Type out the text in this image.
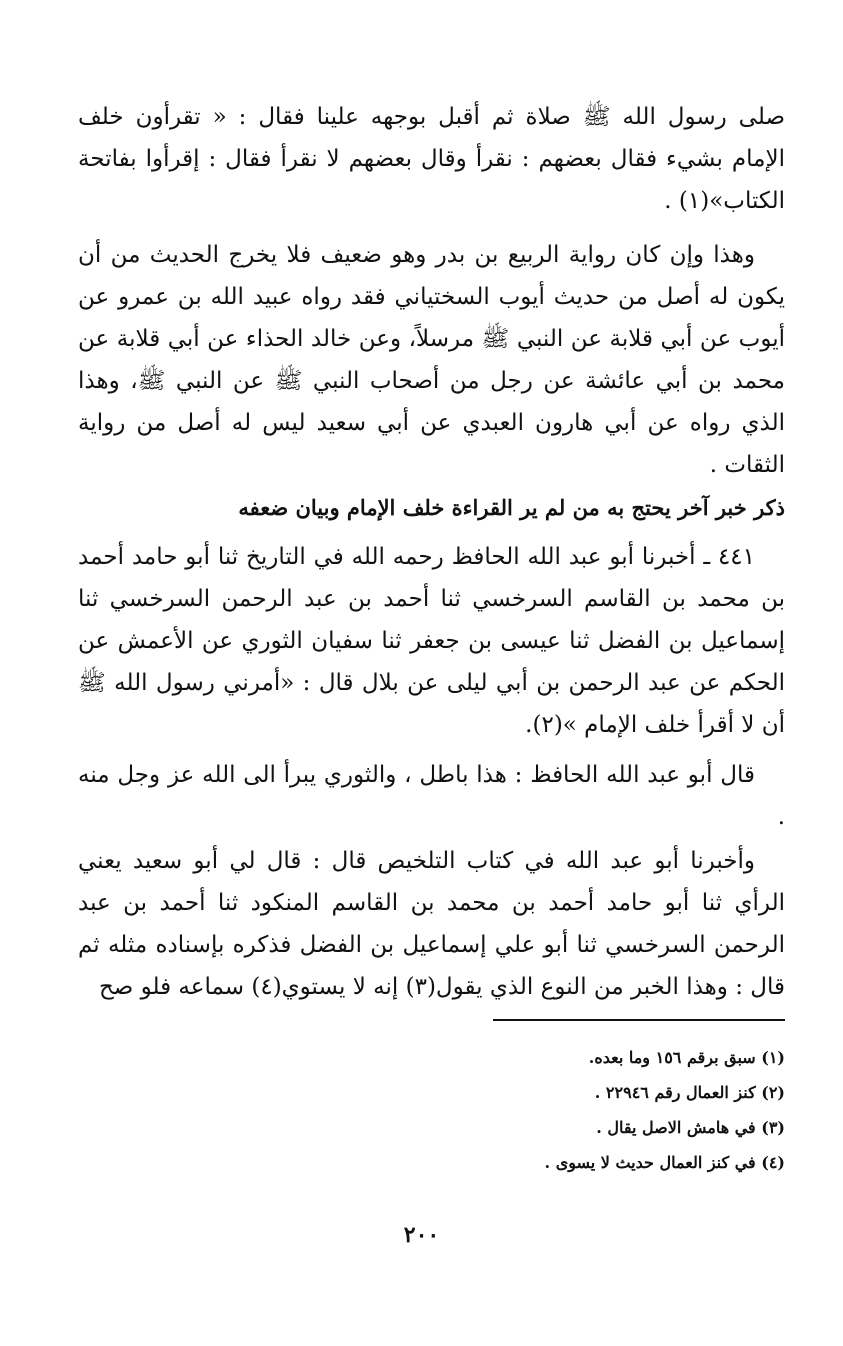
صلى رسول الله ﷺ صلاة ثم أقبل بوجهه علينا فقال : « تقرأون خلف الإمام بشيء فقال بعضهم : نقرأ وقال بعضهم لا نقرأ فقال : إقرأوا بفاتحة الكتاب»(١) .

وهذا وإن كان رواية الربيع بن بدر وهو ضعيف فلا يخرج الحديث من أن يكون له أصل من حديث أيوب السختياني فقد رواه عبيد الله بن عمرو عن أيوب عن أبي قلابة عن النبي ﷺ مرسلاً، وعن خالد الحذاء عن أبي قلابة عن محمد بن أبي عائشة عن رجل من أصحاب النبي ﷺ عن النبي ﷺ، وهذا الذي رواه عن أبي هارون العبدي عن أبي سعيد ليس له أصل من رواية الثقات .

ذكر خبر آخر يحتج به من لم ير القراءة خلف الإمام وبيان ضعفه

٤٤١ ـ أخبرنا أبو عبد الله الحافظ رحمه الله في التاريخ ثنا أبو حامد أحمد بن محمد بن القاسم السرخسي ثنا أحمد بن عبد الرحمن السرخسي ثنا إسماعيل بن الفضل ثنا عيسى بن جعفر ثنا سفيان الثوري عن الأعمش عن الحكم عن عبد الرحمن بن أبي ليلى عن بلال قال : «أمرني رسول الله ﷺ أن لا أقرأ خلف الإمام »(٢).

قال أبو عبد الله الحافظ : هذا باطل ، والثوري يبرأ الى الله عز وجل منه .

وأخبرنا أبو عبد الله في كتاب التلخيص قال : قال لي أبو سعيد يعني الرأي ثنا أبو حامد أحمد بن محمد بن القاسم المنكود ثنا أحمد بن عبد الرحمن السرخسي ثنا أبو علي إسماعيل بن الفضل فذكره بإسناده مثله ثم قال : وهذا الخبر من النوع الذي يقول(٣) إنه لا يستوي(٤) سماعه فلو صح

(١) سبق برقم ١٥٦ وما بعده.
(٢) كنز العمال رقم ٢٢٩٤٦ .
(٣) في هامش الاصل يقال .
(٤) في كنز العمال حديث لا يسوى .
٢٠٠
